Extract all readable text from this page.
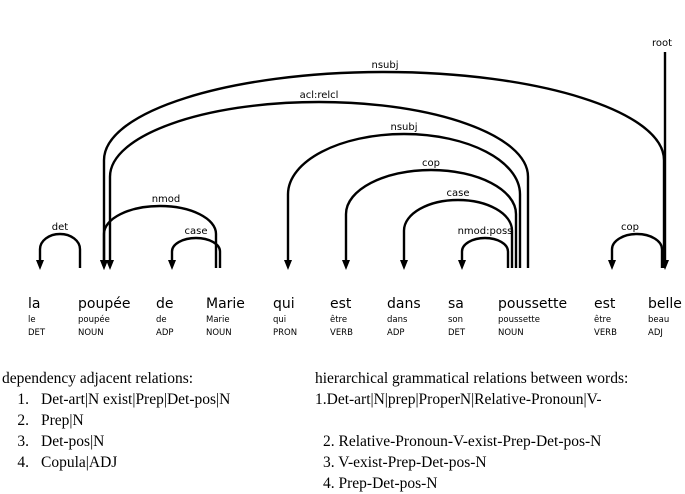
la
le
DET
poupée
poupée
NOUN
de
de
ADP
Marie
Marie
NOUN
qui
qui
PRON
est
être
VERB
dans
dans
ADP
sa
son
DET
poussette
poussette
NOUN
est
être
VERB
belle
beau
ADJ
det	case
nmod
nsubj
acl:relcl
nsubj
cop
case
nmod:poss	cop
root
dependency adjacent relations:
1. Det-art|N exist|Prep|Det-pos|N
2. Prep|N
3. Det-pos|N
4. Copula|ADJ
hierarchical grammatical relations between words:
1.Det-art|N|prep|ProperN|Relative-Pronoun|V-
2. Relative-Pronoun-V-exist-Prep-Det-pos-N
3. V-exist-Prep-Det-pos-N
4. Prep-Det-pos-N
